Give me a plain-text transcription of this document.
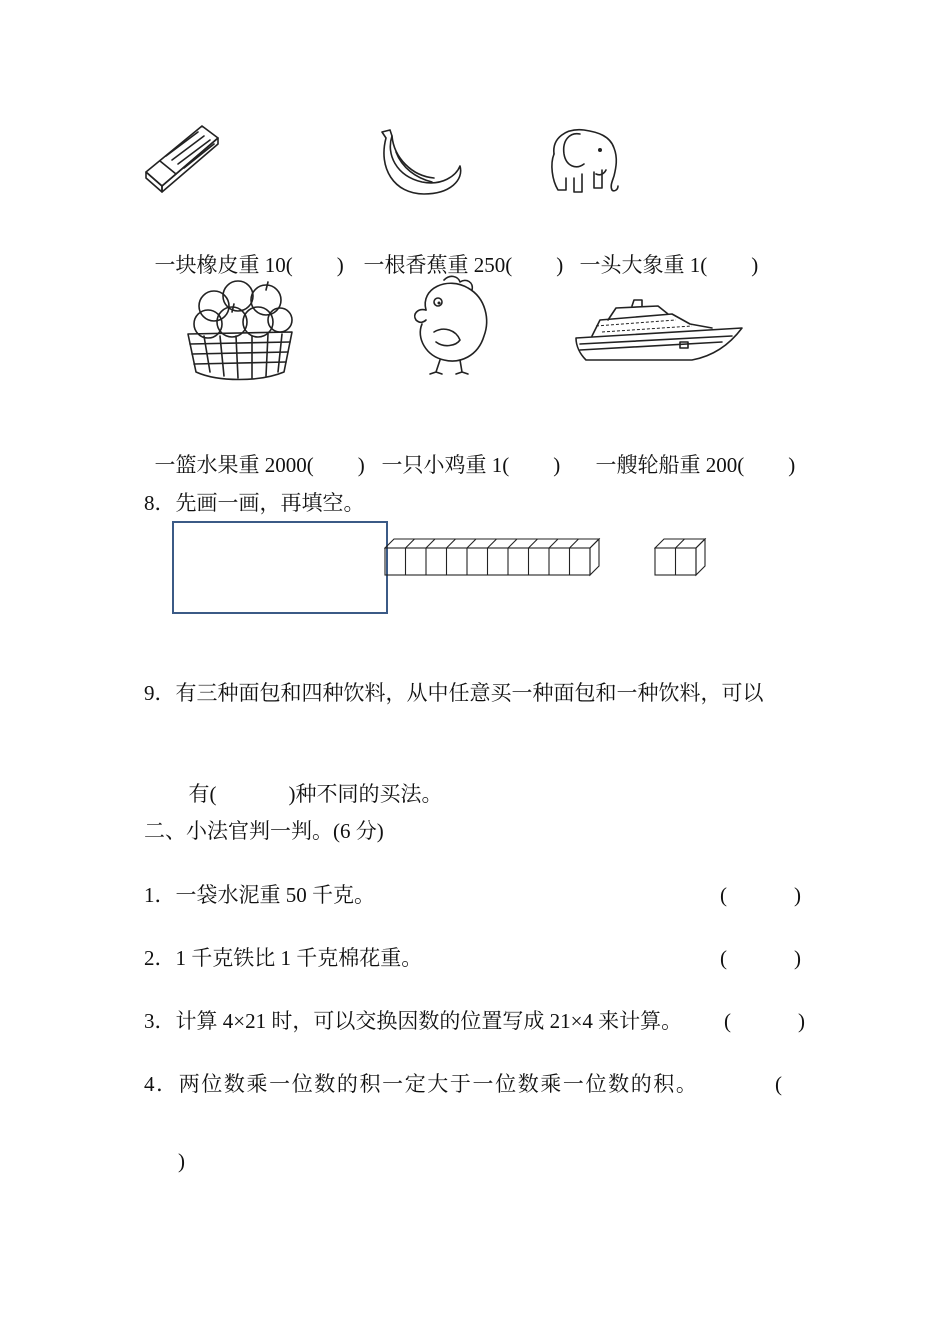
一块橡皮重 10( ) 一根香蕉重 250( ) 一头大象重 1( )

一篮水果重 2000( ) 一只小鸡重 1( )	一艘轮船重 200( )

8．先画一画，再填空。
9．有三种面包和四种饮料，从中任意买一种面包和一种饮料，可以

有(	)种不同的买法。

二、小法官判一判。(6 分)
1．一袋水泥重 50 千克。	(	)
2．1 千克铁比 1 千克棉花重。	(	)
3．计算 4×21 时，可以交换因数的位置写成 21×4 来计算。 (	)
4．两位数乘一位数的积一定大于一位数乘一位数的积。	(
)
